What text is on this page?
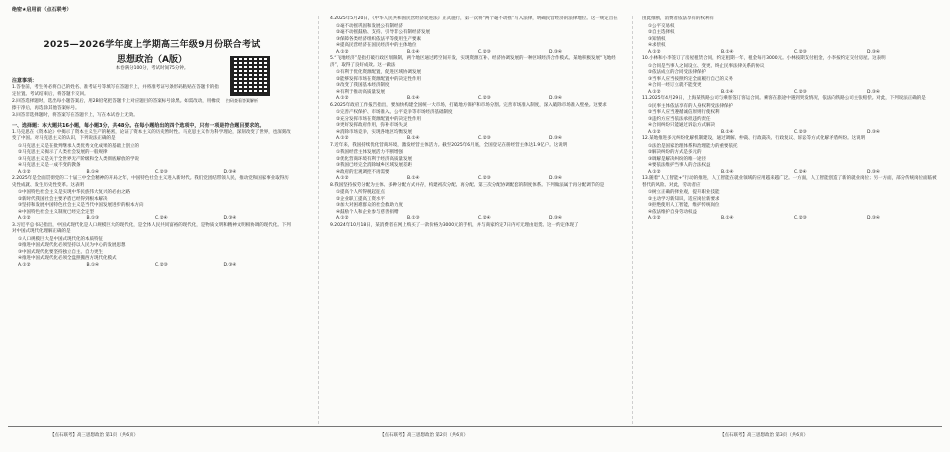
绝密★启用前（点石联考）
2025—2026学年度上学期高三年级9月份联合考试
思想政治（A版）
本卷满分100分，考试时间75分钟。
注意事项：

1.答卷前，考生务必将自己的姓名、准考证号等填写在答题卡上，并将准考证号条形码粘贴在答题卡的指定位置。考试结束后，将答题卡交回。

2.回答选择题时，选出每小题答案后，用2B铅笔把答题卡上对应题目的答案标号涂黑。如需改动，用橡皮擦干净后，再选涂其他答案标号。

3.回答非选择题时，将答案写在答题卡上，写在本试卷上无效。

一、选择题：本大题共16小题，每小题3分，共48分。在每小题给出的四个选项中，只有一项是符合题目要求的。

1.马克思在《资本论》中揭示了资本主义生产的秘密，论证了资本主义的历史暂时性。马克思主义作为科学理论，深刻改变了世界，也深刻改变了中国。对马克思主义的认识，下列说法正确的是

①马克思主义是在批判继承人类优秀文化成果的基础上创立的
②马克思主义揭示了人类社会发展的一般规律
③马克思主义是关于全世界无产阶级和全人类彻底解放的学说
④马克思主义是一成不变的教条
A.①②	B.①④	C.②③	D.③④

2.2025年是全面贯彻党的二十届三中全会精神的开局之年，中国特色社会主义进入新时代。我们党团结带领人民，推动党和国家事业取得历史性成就、发生历史性变革。这表明

①中国特色社会主义是实现中华民族伟大复兴的必由之路
②新时代我国社会主要矛盾已经得到根本解决
③坚持和发展中国特色社会主义是当代中国发展进步的根本方向
④中国特色社会主义制度已经完全定型
A.①②	B.①③	C.②④	D.③④

3.习近平总书记指出，中国式现代化是人口规模巨大的现代化，是全体人民共同富裕的现代化，是物质文明和精神文明相协调的现代化。下列对中国式现代化理解正确的是

①人口规模巨大是中国式现代化的本质特征
②推进中国式现代化必须坚持以人民为中心的发展思想
③中国式现代化要坚持独立自主、自力更生
④推进中国式现代化必须全盘照搬西方现代化模式
A.①②	B.①④	C.②③	D.③④
扫码查看答案解析

4.2025年5月20日，《中华人民共和国民营经济促进法》正式施行，第一次将“两个毫不动摇”写入法律，明确民营经济的法律地位。这一规定旨在

①毫不动摇巩固和发展公有制经济
②毫不动摇鼓励、支持、引导非公有制经济发展
③保障各类经济组织依法平等使用生产要素
④提高民营经济在国民经济中的主体地位
A.①②	B.①④	C.②③	D.③④

5.“飞地经济”是指打破行政区划限制，两个地区通过跨空间开发，实现资源互补、经济协调发展的一种区域经济合作模式。某地积极发展“飞地经济”，取得了良好成效。这一做法

①有利于优化资源配置，促进区域协调发展
②能够发挥市场在资源配置中的决定性作用
③改变了我国基本经济制度
④有利于推动高质量发展
A.①②	B.①④	C.②③	D.③④

6.2025年政府工作报告指出，要加快构建全国统一大市场，打破地方保护和市场分割。完善市场准入制度，深入破除市场准入壁垒。这要求

①完善产权保护、市场准入、公平竞争等市场经济基础制度
②充分发挥市场在资源配置中的决定性作用
③更好发挥政府作用，弥补市场失灵
④消除市场竞争，实现各地区均衡发展
A.①②	B.①④	C.②③	D.③④

7.近年来，我国持续优化营商环境，激发经营主体活力。截至2025年6月底，全国登记在册经营主体达1.9亿户。这说明

①我国经营主体发展活力不断增强
②优化营商环境有利于经济高质量发展
③我国已经完全消除城乡区域发展差距
④政府的宏观调控不再需要
A.①②	B.①④	C.②③	D.③④

8.我国坚持按劳分配为主体、多种分配方式并存，构建初次分配、再分配、第三次分配协调配套的制度体系。下列做法属于再分配调节的是

①提高个人所得税起征点
②企业职工提高工资水平
③加大对困难群众的社会救助力度
④鼓励个人和企业参与慈善捐赠
A.①②	B.①③	C.②④	D.③④

9.2024年10月18日，某消费者在网上购买了一款价格为3000元的手机，并与商家约定7日内可无理由退货。这一约定体现了

由此推断，消费者依法享有的权利有

①公平交易权
②自主选择权
③知情权
④求偿权
A.①②	B.①④	C.②③	D.③④

10.小林和小李签订了房屋租赁合同，约定租期一年，租金每月3000元。小林按期支付租金，小李按约定交付房屋。这表明

①合同是当事人之间设立、变更、终止民事法律关系的协议
②依法成立的合同受法律保护
③当事人应当按照约定全面履行自己的义务
④合同一经订立就不能变更
A.①②	B.①④	C.②③	D.③④

11.2025年4月29日，上海某铁路公司与乘客签订客运合同。乘客在旅途中遇到突发情况，依法向铁路公司主张赔偿。对此，下列说法正确的是

①民事主体依法享有的人身权利受法律保护
②当事人应当遵循诚信原则行使权利
③违约方应当依法承担违约责任
④合同纠纷只能通过诉讼方式解决
A.①②	B.①④	C.②③	D.③④

12.某地推进多元纠纷化解机制建设，通过调解、仲裁、行政裁决、行政复议、诉讼等方式化解矛盾纠纷。这说明

①法治是国家治理体系和治理能力的重要依托
②解决纠纷的方式是多元的
③调解是解决纠纷的唯一途径
④要依法维护当事人的合法权益
A.①②	B.①④	C.②④	D.③④

13.随着“人工智能+”行动的推进，人工智能在就业领域的应用越来越广泛。一方面，人工智能创造了新的就业岗位；另一方面，部分传统岗位面临被替代的风险。对此，劳动者应

①树立正确的择业观，提升职业技能
②主动学习新知识，适应岗位新要求
③拒绝使用人工智能，维护传统岗位
④依法维护自身劳动权益
A.①②	B.①④	C.②③	D.③④
【点石联考】高三思想政治 第1页（共6页）	【点石联考】高三思想政治 第2页（共6页）	【点石联考】高三思想政治 第3页（共6页）
